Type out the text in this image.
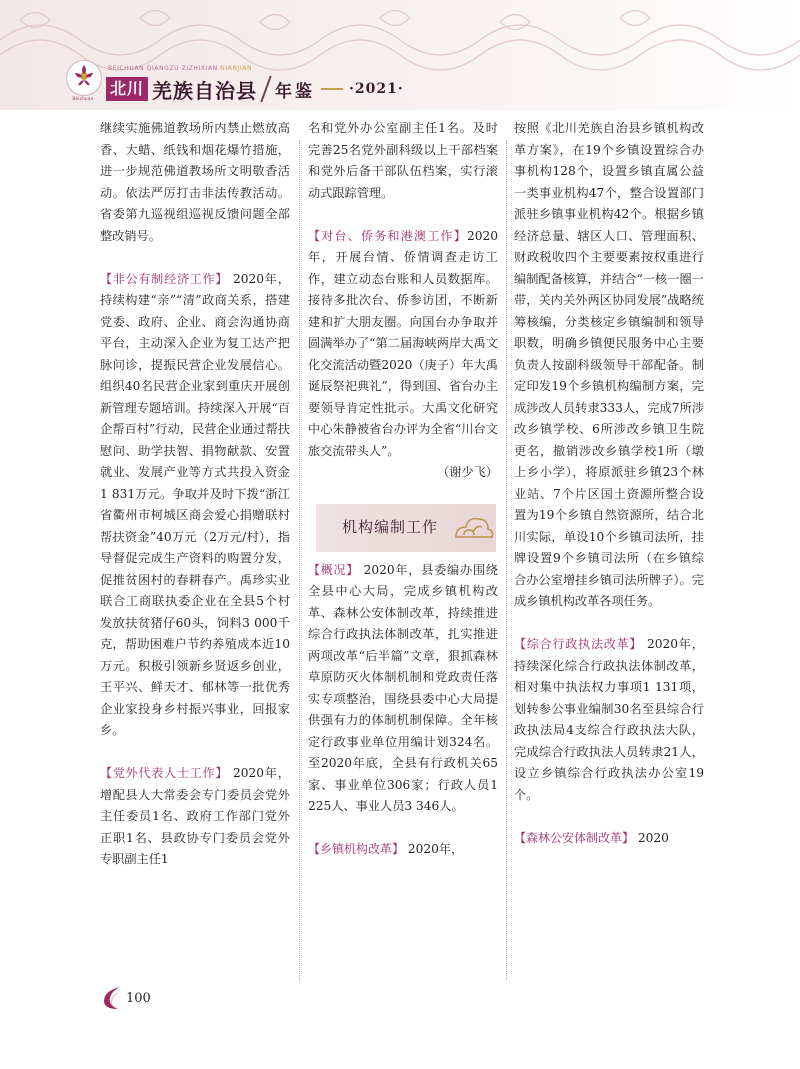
Beichuan
BEICHUAN QIANGZU ZIZHIXIAN NIANJIAN
北川 羌族自治县 年鉴 ·2021·

继续实施佛道教场所内禁止燃放高香、大蜡、纸钱和烟花爆竹措施，进一步规范佛道教场所文明敬香活动。依法严厉打击非法传教活动。省委第九巡视组巡视反馈问题全部整改销号。

【非公有制经济工作】 2020年，持续构建“亲”“清”政商关系，搭建党委、政府、企业、商会沟通协商平台，主动深入企业为复工达产把脉问诊，提振民营企业发展信心。组织40名民营企业家到重庆开展创新管理专题培训。持续深入开展“百企帮百村”行动，民营企业通过帮扶慰问、助学扶智、捐物献款、安置就业、发展产业等方式共投入资金1 831万元。争取并及时下拨“浙江省衢州市柯城区商会爱心捐赠联村帮扶资金”40万元（2万元/村），指导督促完成生产资料的购置分发，促推贫困村的春耕春产。禹珍实业联合工商联执委企业在全县5个村发放扶贫猪仔60头，饲料3 000千克，帮助困难户节约养殖成本近10万元。积极引领新乡贤返乡创业，王平兴、鲜天才、郁林等一批优秀企业家投身乡村振兴事业，回报家乡。

【党外代表人士工作】 2020年，增配县人大常委会专门委员会党外主任委员1名、政府工作部门党外正职1名、县政协专门委员会党外专职副主任1

名和党外办公室副主任1名。及时完善25名党外副科级以上干部档案和党外后备干部队伍档案，实行滚动式跟踪管理。

【对台、侨务和港澳工作】2020年，开展台情、侨情调查走访工作，建立动态台账和人员数据库。接待多批次台、侨参访团，不断新建和扩大朋友圈。向国台办争取并圆满举办了“第二届海峡两岸大禹文化交流活动暨2020（庚子）年大禹诞辰祭祀典礼”，得到国、省台办主要领导肯定性批示。大禹文化研究中心朱静被省台办评为全省“川台文旅交流带头人”。

（谢少飞）

机构编制工作

【概况】 2020年，县委编办围绕全县中心大局，完成乡镇机构改革、森林公安体制改革，持续推进综合行政执法体制改革，扎实推进两项改革“后半篇”文章，狠抓森林草原防灭火体制机制和党政责任落实专项整治，围绕县委中心大局提供强有力的体制机制保障。全年核定行政事业单位用编计划324名。至2020年底，全县有行政机关65家、事业单位306家；行政人员1 225人、事业人员3 346人。

【乡镇机构改革】 2020年，

按照《北川羌族自治县乡镇机构改革方案》，在19个乡镇设置综合办事机构128个，设置乡镇直属公益一类事业机构47个，整合设置部门派驻乡镇事业机构42个。根据乡镇经济总量、辖区人口、管理面积、财政税收四个主要要素按权重进行编制配备核算，并结合“一核一圈一带，关内关外两区协同发展”战略统筹核编，分类核定乡镇编制和领导职数，明确乡镇便民服务中心主要负责人按副科级领导干部配备。制定印发19个乡镇机构编制方案，完成涉改人员转隶333人，完成7所涉改乡镇学校、6所涉改乡镇卫生院更名，撤销涉改乡镇学校1所（墩上乡小学），将原派驻乡镇23个林业站、7个片区国土资源所整合设置为19个乡镇自然资源所，结合北川实际，单设10个乡镇司法所，挂牌设置9个乡镇司法所（在乡镇综合办公室增挂乡镇司法所牌子）。完成乡镇机构改革各项任务。

【综合行政执法改革】 2020年，持续深化综合行政执法体制改革，相对集中执法权力事项1 131项，划转参公事业编制30名至县综合行政执法局4支综合行政执法大队，完成综合行政执法人员转隶21人，设立乡镇综合行政执法办公室19个。

【森林公安体制改革】 2020

100
